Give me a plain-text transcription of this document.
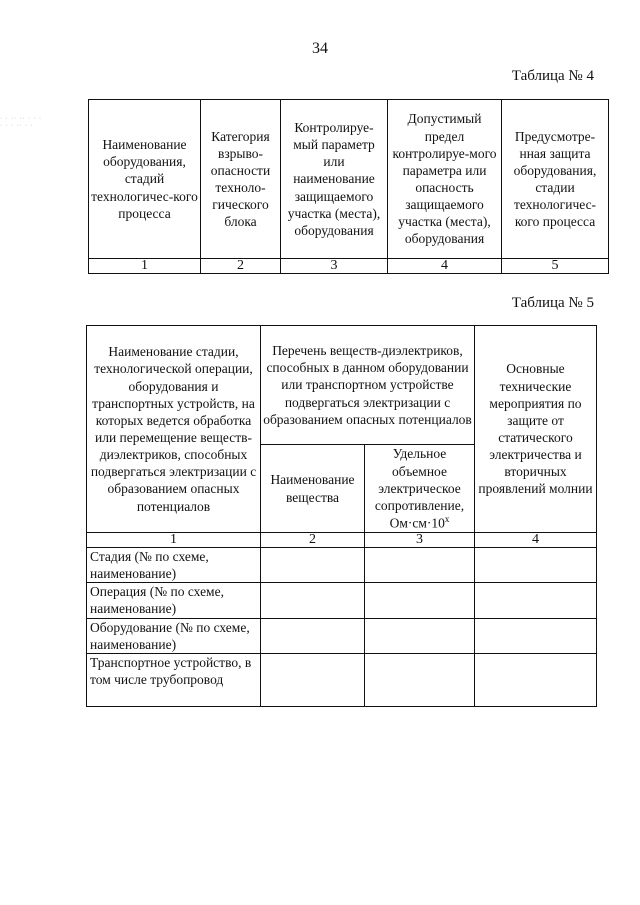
34
· · ·· ·· · · ·
· · · ·· · ·
Таблица № 4
Наименование оборудования, стадий технологичес-кого процесса	Категория взрыво-опасности техноло-гического блока	Контролируе-мый параметр или наименование защищаемого участка (места), оборудования	Допустимый предел контролируе-мого параметра или опасность защищаемого участка (места), оборудования	Предусмотре-нная защита оборудования, стадии технологичес-кого процесса
1	2	3	4	5
Таблица № 5
Наименование стадии, технологической операции, оборудования и транспортных устройств, на которых ведется обработка или перемещение веществ-диэлектриков, способных подвергаться электризации с образованием опасных потенциалов	Перечень веществ-диэлектриков, способных в данном оборудовании или транспортном устройстве подвергаться электризации с образованием опасных потенциалов		Основные технические мероприятия по защите от статического электричества и вторичных проявлений молнии
	Наименование вещества	Удельное объемное электрическое сопротивление, $Ом\cdot см\cdot 10^x$
1	2	3	4
Стадия (№ по схеме, наименование)			
Операция (№ по схеме, наименование)			
Оборудование (№ по схеме, наименование)			
Транспортное устройство, в том числе трубопровод			
